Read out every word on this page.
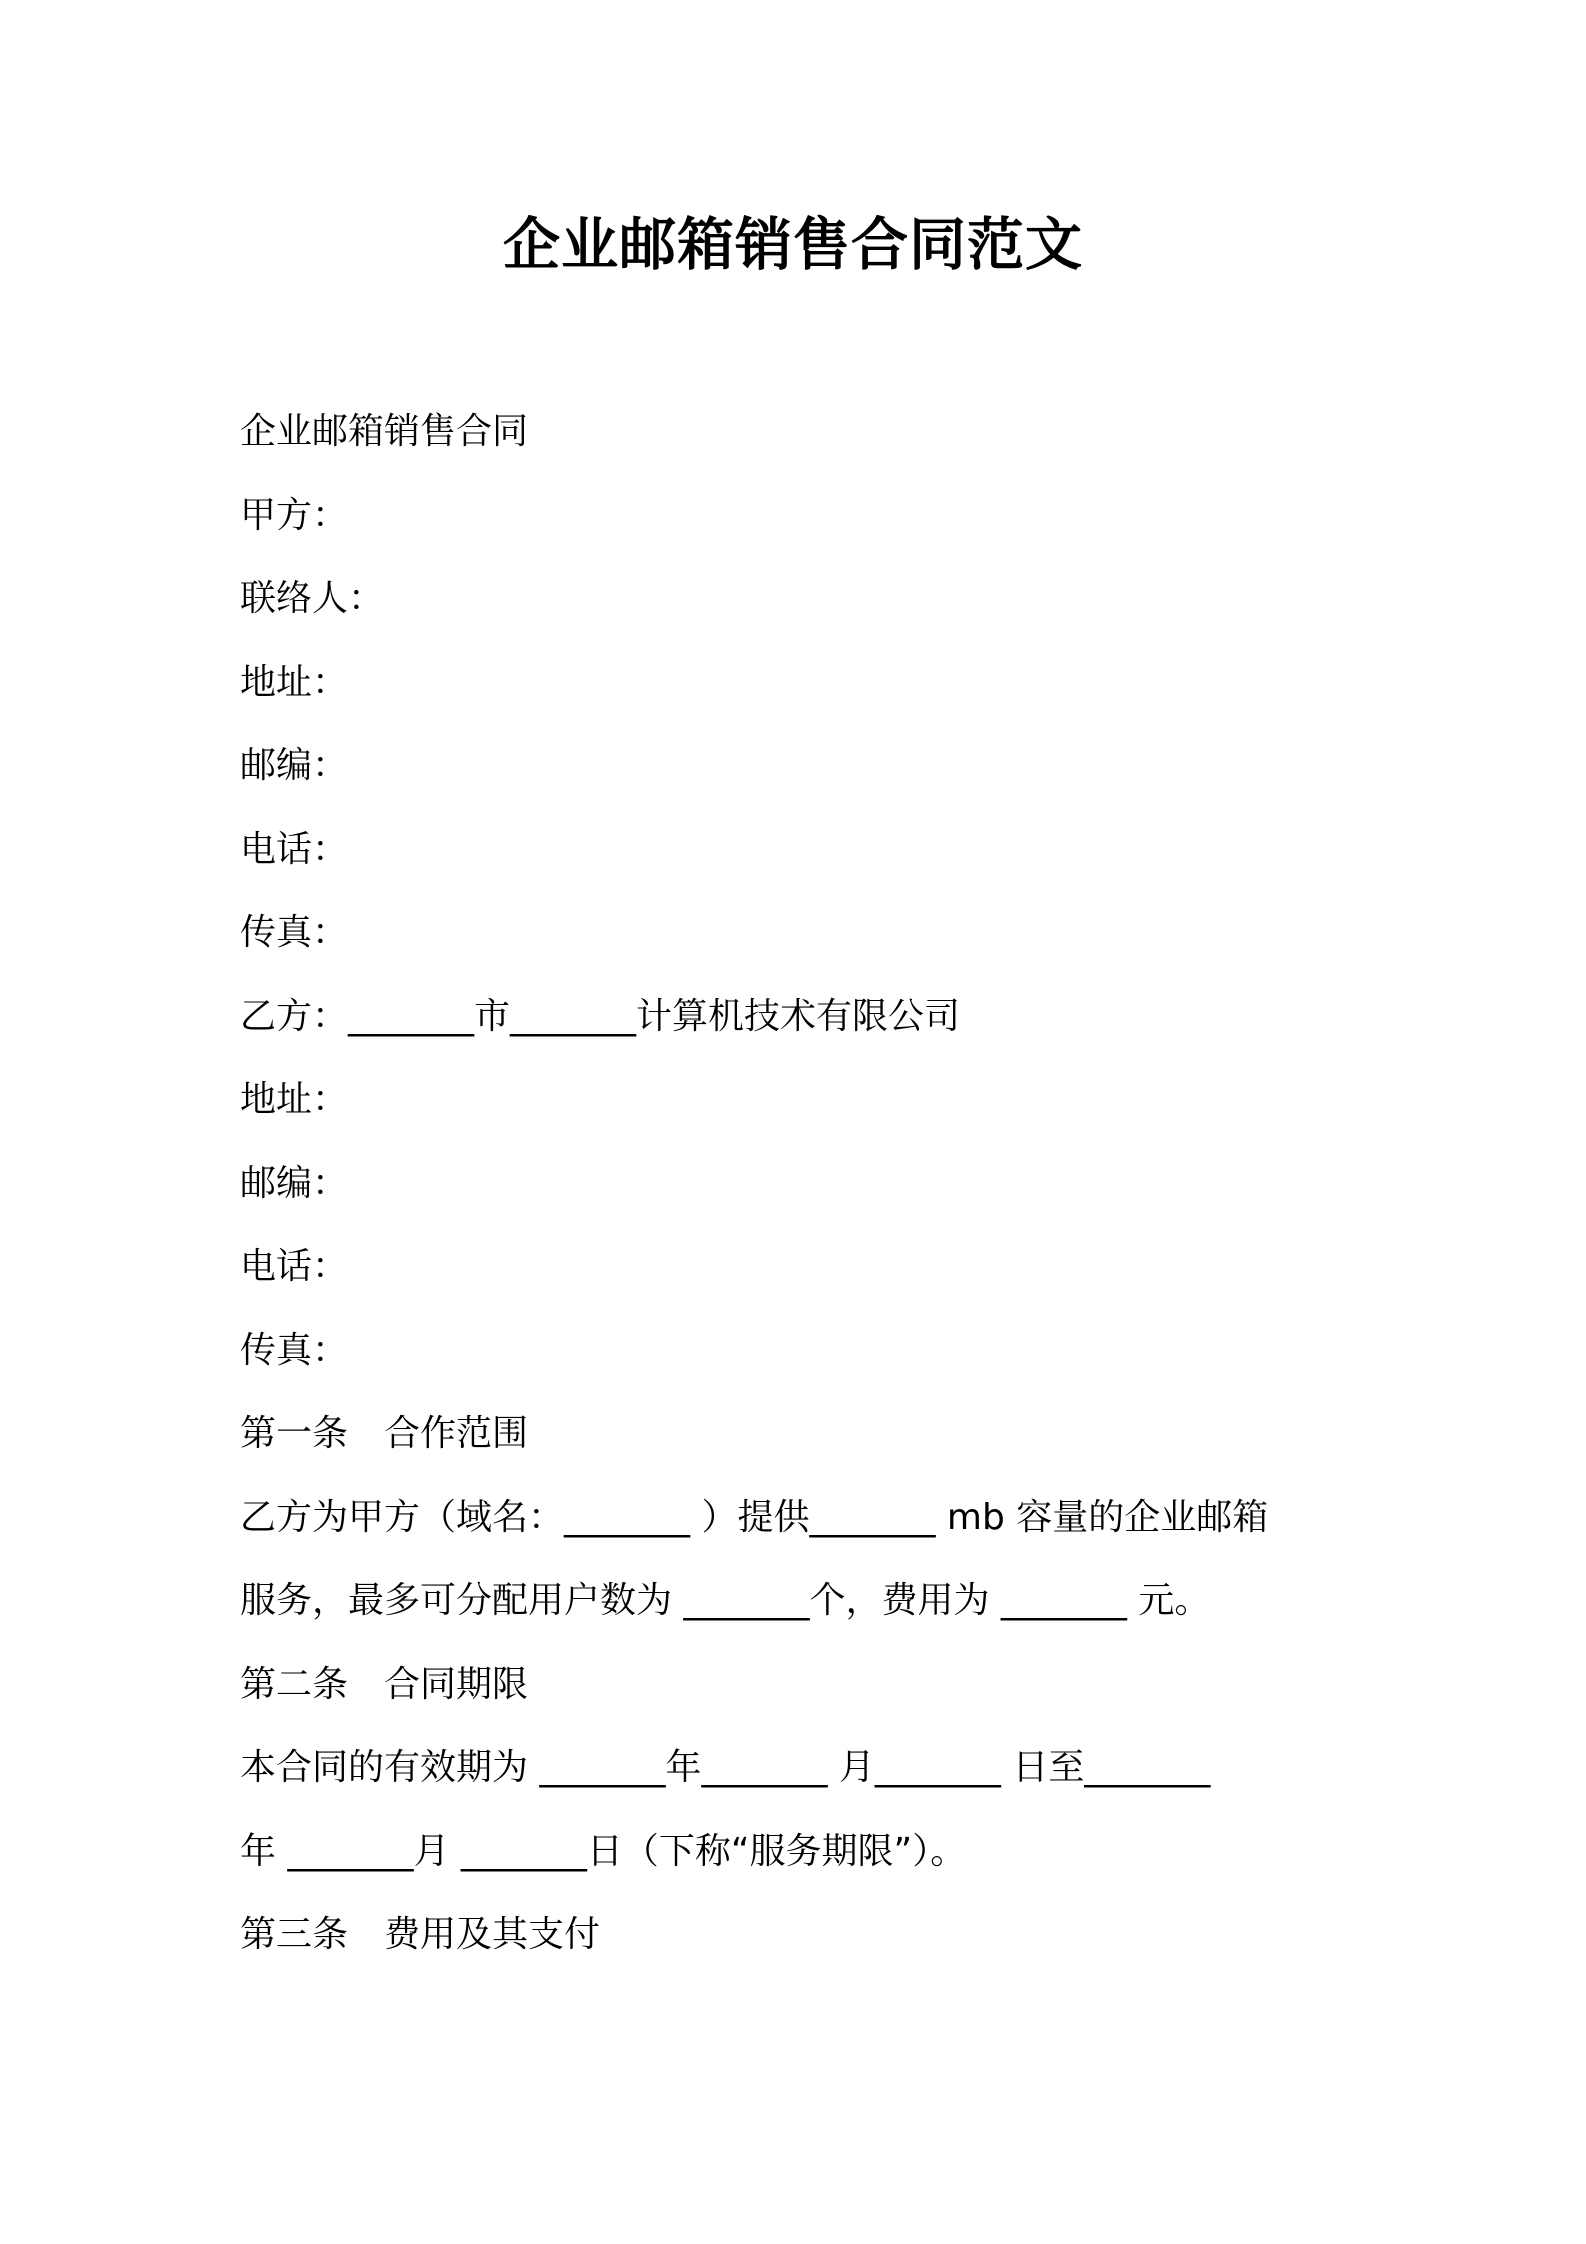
企业邮箱销售合同范文
企业邮箱销售合同
甲方：
联络人：
地址：
邮编：
电话：
传真：
乙方：_______市_______计算机技术有限公司
地址：
邮编：
电话：
传真：
第一条　合作范围
乙方为甲方（域名：_______ ）提供_______ mb 容量的企业邮箱
服务，最多可分配用户数为 _______个，费用为 _______ 元。
第二条　合同期限
本合同的有效期为 _______年_______ 月_______ 日至_______
年 _______月 _______日（下称“服务期限”）。
第三条　费用及其支付
